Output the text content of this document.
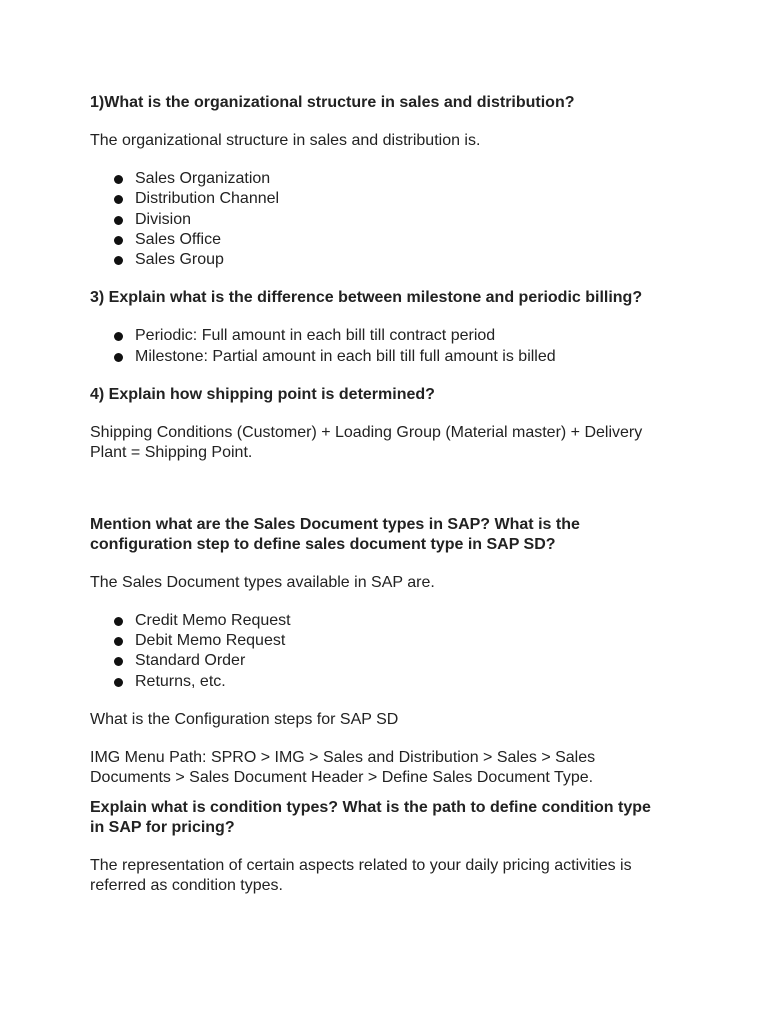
1)What is the organizational structure in sales and distribution?

The organizational structure in sales and distribution is.

Sales Organization
Distribution Channel
Division
Sales Office
Sales Group

3) Explain what is the difference between milestone and periodic billing?

Periodic: Full amount in each bill till contract period
Milestone: Partial amount in each bill till full amount is billed

4) Explain how shipping point is determined?

Shipping Conditions (Customer) + Loading Group (Material master) + Delivery Plant = Shipping Point.

Mention what are the Sales Document types in SAP? What is the configuration step to define sales document type in SAP SD?

The Sales Document types available in SAP are.

Credit Memo Request
Debit Memo Request
Standard Order
Returns, etc.

What is the Configuration steps for SAP SD

IMG Menu Path: SPRO > IMG > Sales and Distribution > Sales > Sales Documents > Sales Document Header > Define Sales Document Type.

Explain what is condition types? What is the path to define condition type in SAP for pricing?

The representation of certain aspects related to your daily pricing activities is referred as condition types.
